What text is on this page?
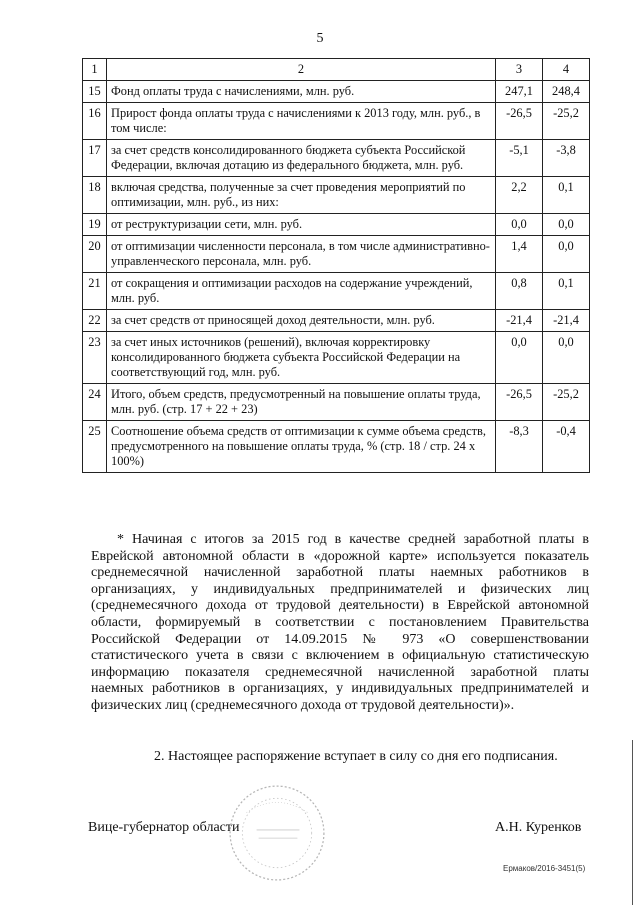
5
1	2	3	4
15	Фонд оплаты труда с начислениями, млн. руб.	247,1	248,4
16	Прирост фонда оплаты труда с начислениями к 2013 году, млн. руб., в том числе:	-26,5	-25,2
17	за счет средств консолидированного бюджета субъекта Российской Федерации, включая дотацию из федерального бюджета, млн. руб.	-5,1	-3,8
18	включая средства, полученные за счет проведения мероприятий по оптимизации, млн. руб., из них:	2,2	0,1
19	от реструктуризации сети, млн. руб.	0,0	0,0
20	от оптимизации численности персонала, в том числе административно-управленческого персонала, млн. руб.	1,4	0,0
21	от сокращения и оптимизации расходов на содержание учреждений, млн. руб.	0,8	0,1
22	за счет средств от приносящей доход деятельности, млн. руб.	-21,4	-21,4
23	за счет иных источников (решений), включая корректировку консолидированного бюджета субъекта Российской Федерации на соответствующий год, млн. руб.	0,0	0,0
24	Итого, объем средств, предусмотренный на повышение оплаты труда, млн. руб. (стр. 17 + 22 + 23)	-26,5	-25,2
25	Соотношение объема средств от оптимизации к сумме объема средств, предусмотренного на повышение оплаты труда, % (стр. 18 / стр. 24 х 100%)	-8,3	-0,4
* Начиная с итогов за 2015 год в качестве средней заработной платы в
Еврейской автономной области в «дорожной карте» используется показатель
среднемесячной начисленной заработной платы наемных работников в
организациях, у индивидуальных предпринимателей и физических лиц
(среднемесячного дохода от трудовой деятельности) в Еврейской автономной
области, формируемый в соответствии с постановлением Правительства
Российской Федерации от 14.09.2015 № 973 «О совершенствовании
статистического учета в связи с включением в официальную статистическую
информацию показателя среднемесячной начисленной заработной платы
наемных работников в организациях, у индивидуальных предпринимателей и
физических лиц (среднемесячного дохода от трудовой деятельности)».
2. Настоящее распоряжение вступает в силу со дня его подписания.
Вице-губернатор области	А.Н. Куренков
Ермаков/2016-3451(5)
